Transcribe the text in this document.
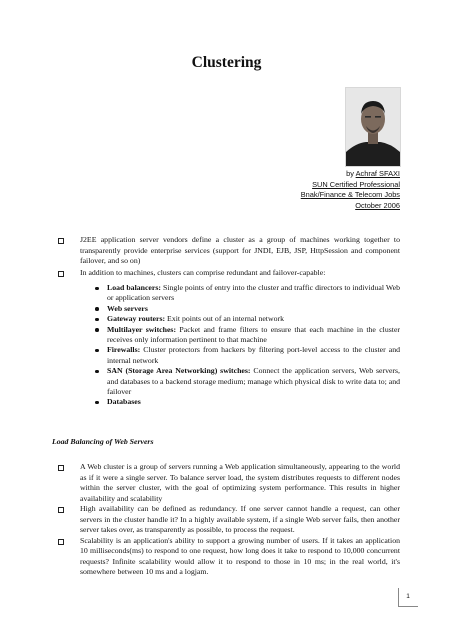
Clustering
by Achraf SFAXI
SUN Certified Professional
Bnak/Finance & Telecom Jobs
October 2006
J2EE application server vendors define a cluster as a group of machines working together to transparently provide enterprise services (support for JNDI, EJB, JSP, HttpSession and component failover, and so on)
In addition to machines, clusters can comprise redundant and failover-capable:
Load balancers: Single points of entry into the cluster and traffic directors to individual Web or application servers
Web servers
Gateway routers: Exit points out of an internal network
Multilayer switches: Packet and frame filters to ensure that each machine in the cluster receives only information pertinent to that machine
Firewalls: Cluster protectors from hackers by filtering port-level access to the cluster and internal network
SAN (Storage Area Networking) switches: Connect the application servers, Web servers, and databases to a backend storage medium; manage which physical disk to write data to; and failover
Databases
Load Balancing of Web Servers
A Web cluster is a group of servers running a Web application simultaneously, appearing to the world as if it were a single server. To balance server load, the system distributes requests to different nodes within the server cluster, with the goal of optimizing system performance. This results in higher availability and scalability
High availability can be defined as redundancy. If one server cannot handle a request, can other servers in the cluster handle it? In a highly available system, if a single Web server fails, then another server takes over, as transparently as possible, to process the request.
Scalability is an application's ability to support a growing number of users. If it takes an application 10 milliseconds(ms) to respond to one request, how long does it take to respond to 10,000 concurrent requests? Infinite scalability would allow it to respond to those in 10 ms; in the real world, it's somewhere between 10 ms and a logjam.
1
